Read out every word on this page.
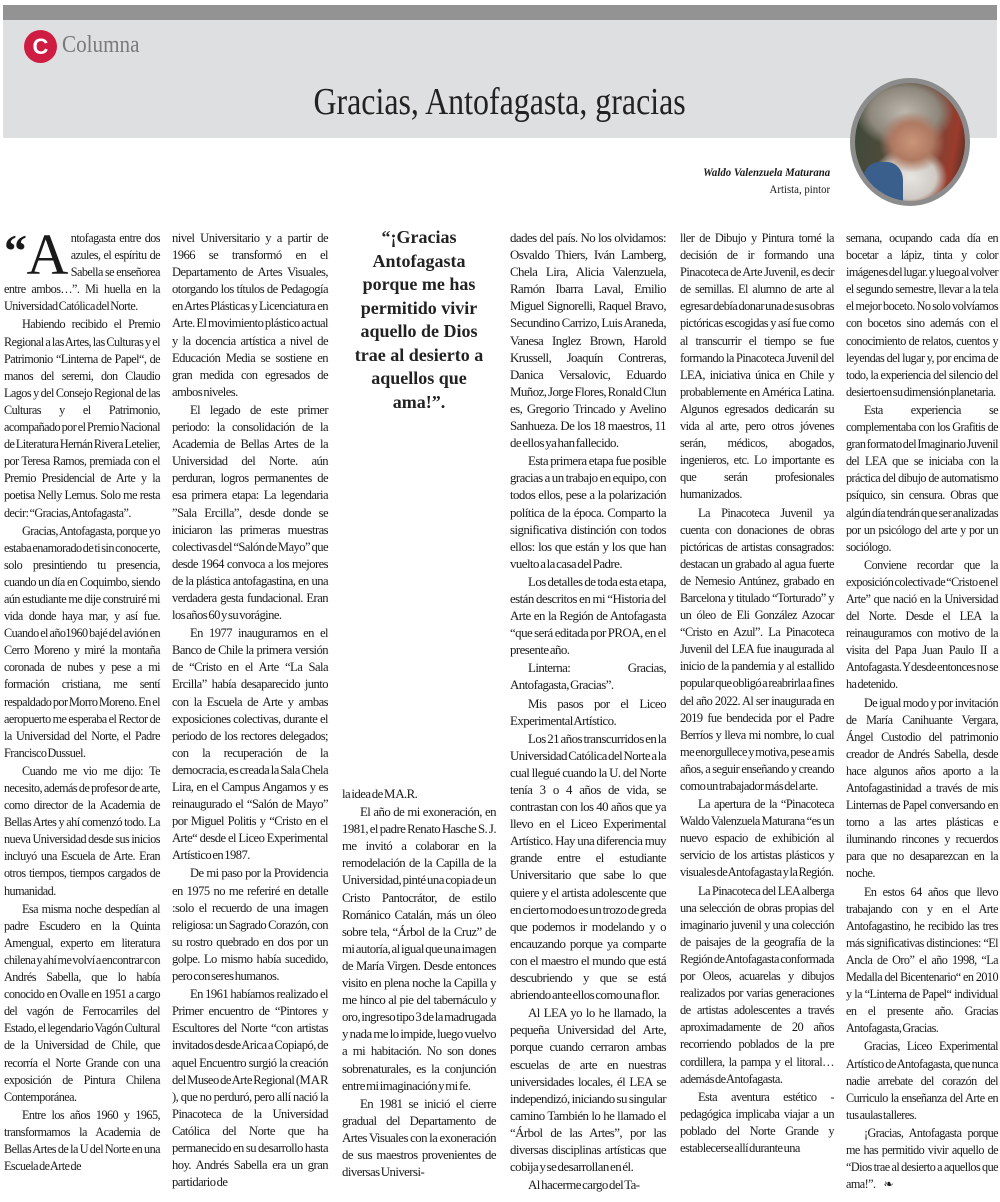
C Columna
Gracias, Antofagasta, gracias
Waldo Valenzuela Maturana
Artista, pintor
“¡Gracias Antofagasta porque me has permitido vivir aquello de Dios trae al desierto a aquellos que ama!”.

“ A ntofagasta entre dos azules, el espíritu de Sabella se enseñorea entre ambos…”. Mi huella en la Universidad Católica del Norte.

Habiendo recibido el Premio Regional a las Artes, las Culturas y el Patrimonio “Linterna de Papel“, de manos del seremi, don Claudio Lagos y del Consejo Regional de las Culturas y el Patrimonio, acompañado por el Premio Nacional de Literatura Hernán Rivera Letelier, por Teresa Ramos, premiada con el Premio Presidencial de Arte y la poetisa Nelly Lemus. Solo me resta decir: “Gracias, Antofagasta”.

Gracias, Antofagasta, porque yo estaba enamorado de ti sin conocerte, solo presintiendo tu presencia, cuando un día en Coquimbo, siendo aún estudiante me dije construiré mi vida donde haya mar, y así fue. Cuando el año1960 bajé del avión en Cerro Moreno y miré la montaña coronada de nubes y pese a mi formación cristiana, me sentí respaldado por Morro Moreno. En el aeropuerto me esperaba el Rector de la Universidad del Norte, el Padre Francisco Dussuel.

Cuando me vio me dijo: Te necesito, además de profesor de arte, como director de la Academia de Bellas Artes y ahí comenzó todo. La nueva Universidad desde sus inicios incluyó una Escuela de Arte. Eran otros tiempos, tiempos cargados de humanidad.

Esa misma noche despedían al padre Escudero en la Quinta Amengual, experto em literatura chilena y ahí me volví a encontrar con Andrés Sabella, que lo había conocido en Ovalle en 1951 a cargo del vagón de Ferrocarriles del Estado, el legendario Vagón Cultural de la Universidad de Chile, que recorría el Norte Grande con una exposición de Pintura Chilena Contemporánea.

Entre los años 1960 y 1965, transformamos la Academia de Bellas Artes de la U del Norte en una Escuela de Arte de

nivel Universitario y a partir de 1966 se transformó en el Departamento de Artes Visuales, otorgando los títulos de Pedagogía en Artes Plásticas y Licenciatura en Arte. El movimiento plástico actual y la docencia artística a nivel de Educación Media se sostiene en gran medida con egresados de ambos niveles.

El legado de este primer periodo: la consolidación de la Academia de Bellas Artes de la Universidad del Norte. aún perduran, logros permanentes de esa primera etapa: La legendaria ”Sala Ercilla”, desde donde se iniciaron las primeras muestras colectivas del “Salón de Mayo” que desde 1964 convoca a los mejores de la plástica antofagastina, en una verdadera gesta fundacional. Eran los años 60 y su vorágine.

En 1977 inauguramos en el Banco de Chile la primera versión de “Cristo en el Arte “La Sala Ercilla” había desaparecido junto con la Escuela de Arte y ambas exposiciones colectivas, durante el periodo de los rectores delegados; con la recuperación de la democracia, es creada la Sala Chela Lira, en el Campus Angamos y es reinaugurado el “Salón de Mayo” por Miguel Politis y “Cristo en el Arte“ desde el Liceo Experimental Artístico en 1987.

De mi paso por la Providencia en 1975 no me referiré en detalle :solo el recuerdo de una imagen religiosa: un Sagrado Corazón, con su rostro quebrado en dos por un golpe. Lo mismo había sucedido, pero con seres humanos.

En 1961 habíamos realizado el Primer encuentro de “Pintores y Escultores del Norte “con artistas invitados desde Arica a Copiapó, de aquel Encuentro surgió la creación del Museo de Arte Regional (M A R ), que no perduró, pero allí nació la Pinacoteca de la Universidad Católica del Norte que ha permanecido en su desarrollo hasta hoy. Andrés Sabella era un gran partidario de

la idea de M A.R.

El año de mi exoneración, en 1981, el padre Renato Hasche S. J. me invitó a colaborar en la remodelación de la Capilla de la Universidad, pinté una copia de un Cristo Pantocrátor, de estilo Románico Catalán, más un óleo sobre tela, “Árbol de la Cruz” de mi autoría, al igual que una imagen de María Virgen. Desde entonces visito en plena noche la Capilla y me hinco al pie del tabernáculo y oro, ingreso tipo 3 de la madrugada y nada me lo impide, luego vuelvo a mi habitación. No son dones sobrenaturales, es la conjunción entre mi imaginación y mi fe.

En 1981 se inició el cierre gradual del Departamento de Artes Visuales con la exoneración de sus maestros provenientes de diversas Universi-

dades del país. No los olvidamos: Osvaldo Thiers, Iván Lamberg, Chela Lira, Alicia Valenzuela, Ramón Ibarra Laval, Emilio Miguel Signorelli, Raquel Bravo, Secundino Carrizo, Luis Araneda, Vanesa Inglez Brown, Harold Krussell, Joaquín Contreras, Danica Versalovic, Eduardo Muñoz, Jorge Flores, Ronald Clun es, Gregorio Trincado y Avelino Sanhueza. De los 18 maestros, 11 de ellos ya han fallecido.

Esta primera etapa fue posible gracias a un trabajo en equipo, con todos ellos, pese a la polarización política de la época. Comparto la significativa distinción con todos ellos: los que están y los que han vuelto a la casa del Padre.

Los detalles de toda esta etapa, están descritos en mi “Historia del Arte en la Región de Antofagasta “que será editada por PROA, en el presente año.

Linterna: Gracias, Antofagasta, Gracias”.

Mis pasos por el Liceo Experimental Artístico.

Los 21 años transcurridos en la Universidad Católica del Norte a la cual llegué cuando la U. del Norte tenía 3 o 4 años de vida, se contrastan con los 40 años que ya llevo en el Liceo Experimental Artístico. Hay una diferencia muy grande entre el estudiante Universitario que sabe lo que quiere y el artista adolescente que en cierto modo es un trozo de greda que podemos ir modelando y o encauzando porque ya comparte con el maestro el mundo que está descubriendo y que se está abriendo ante ellos como una flor.

Al LEA yo lo he llamado, la pequeña Universidad del Arte, porque cuando cerraron ambas escuelas de arte en nuestras universidades locales, él LEA se independizó, iniciando su singular camino También lo he llamado el “Árbol de las Artes”, por las diversas disciplinas artísticas que cobija y se desarrollan en él.

Al hacerme cargo del Ta-

ller de Dibujo y Pintura tomé la decisión de ir formando una Pinacoteca de Arte Juvenil, es decir de semillas. El alumno de arte al egresar debía donar una de sus obras pictóricas escogidas y así fue como al transcurrir el tiempo se fue formando la Pinacoteca Juvenil del LEA, iniciativa única en Chile y probablemente en América Latina. Algunos egresados dedicarán su vida al arte, pero otros jóvenes serán, médicos, abogados, ingenieros, etc. Lo importante es que serán profesionales humanizados.

La Pinacoteca Juvenil ya cuenta con donaciones de obras pictóricas de artistas consagrados: destacan un grabado al agua fuerte de Nemesio Antúnez, grabado en Barcelona y titulado “Torturado” y un óleo de Eli González Azocar “Cristo en Azul”. La Pinacoteca Juvenil del LEA fue inaugurada al inicio de la pandemia y al estallido popular que obligó a reabrirla a fines del año 2022. Al ser inaugurada en 2019 fue bendecida por el Padre Berríos y lleva mi nombre, lo cual me enorgullece y motiva, pese a mis años, a seguir enseñando y creando como un trabajador más del arte.

La apertura de la “Pinacoteca Waldo Valenzuela Maturana “es un nuevo espacio de exhibición al servicio de los artistas plásticos y visuales de Antofagasta y la Región.

La Pinacoteca del LEA alberga una selección de obras propias del imaginario juvenil y una colección de paisajes de la geografía de la Región de Antofagasta conformada por Oleos, acuarelas y dibujos realizados por varias generaciones de artistas adolescentes a través aproximadamente de 20 años recorriendo poblados de la pre cordillera, la pampa y el litoral…además de Antofagasta.

Esta aventura estético - pedagógica implicaba viajar a un poblado del Norte Grande y establecerse allí durante una

semana, ocupando cada día en bocetar a lápiz, tinta y color imágenes del lugar. y luego al volver el segundo semestre, llevar a la tela el mejor boceto. No solo volvíamos con bocetos sino además con el conocimiento de relatos, cuentos y leyendas del lugar y, por encima de todo, la experiencia del silencio del desierto en su dimensión planetaria.

Esta experiencia se complementaba con los Grafitis de gran formato del Imaginario Juvenil del LEA que se iniciaba con la práctica del dibujo de automatismo psíquico, sin censura. Obras que algún día tendrán que ser analizadas por un psicólogo del arte y por un sociólogo.

Conviene recordar que la exposición colectiva de “Cristo en el Arte” que nació en la Universidad del Norte. Desde el LEA la reinauguramos con motivo de la visita del Papa Juan Paulo II a Antofagasta. Y desde entonces no se ha detenido.

De igual modo y por invitación de María Canihuante Vergara, Ángel Custodio del patrimonio creador de Andrés Sabella, desde hace algunos años aporto a la Antofagastinidad a través de mis Linternas de Papel conversando en torno a las artes plásticas e iluminando rincones y recuerdos para que no desaparezcan en la noche.

En estos 64 años que llevo trabajando con y en el Arte Antofagastino, he recibido las tres más significativas distinciones: “El Ancla de Oro” el año 1998, “La Medalla del Bicentenario“ en 2010 y la “Linterna de Papel“ individual en el presente año. Gracias Antofagasta, Gracias.

Gracias, Liceo Experimental Artístico de Antofagasta, que nunca nadie arrebate del corazón del Curriculo la enseñanza del Arte en tus aulas talleres.

¡Gracias, Antofagasta porque me has permitido vivir aquello de “Dios trae al desierto a aquellos que ama!”. ❧
